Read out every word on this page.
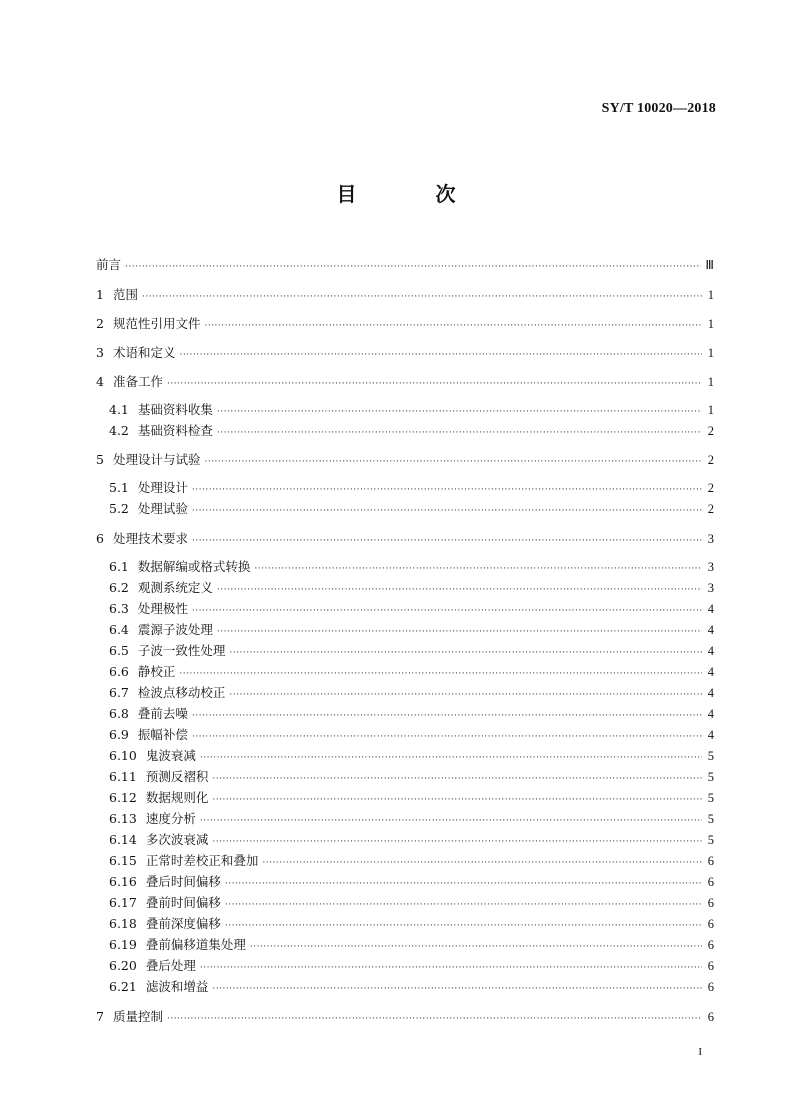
SY/T 10020—2018
目 次
前言 ·····	Ⅲ
1 范围 ·····	1
2 规范性引用文件 ·····	1
3 术语和定义 ·····	1
4 准备工作 ·····	1
4.1 基础资料收集 ·····	1
4.2 基础资料检查 ·····	2
5 处理设计与试验 ·····	2
5.1 处理设计 ·····	2
5.2 处理试验 ·····	2
6 处理技术要求 ·····	3
6.1 数据解编或格式转换 ·····	3
6.2 观测系统定义 ·····	3
6.3 处理极性 ·····	4
6.4 震源子波处理 ·····	4
6.5 子波一致性处理 ·····	4
6.6 静校正 ·····	4
6.7 检波点移动校正 ·····	4
6.8 叠前去噪 ·····	4
6.9 振幅补偿 ·····	4
6.10 鬼波衰减 ·····	5
6.11 预测反褶积 ·····	5
6.12 数据规则化 ·····	5
6.13 速度分析 ·····	5
6.14 多次波衰减 ·····	5
6.15 正常时差校正和叠加 ·····	6
6.16 叠后时间偏移 ·····	6
6.17 叠前时间偏移 ·····	6
6.18 叠前深度偏移 ·····	6
6.19 叠前偏移道集处理 ·····	6
6.20 叠后处理 ·····	6
6.21 滤波和增益 ·····	6
7 质量控制 ·····	6
I
